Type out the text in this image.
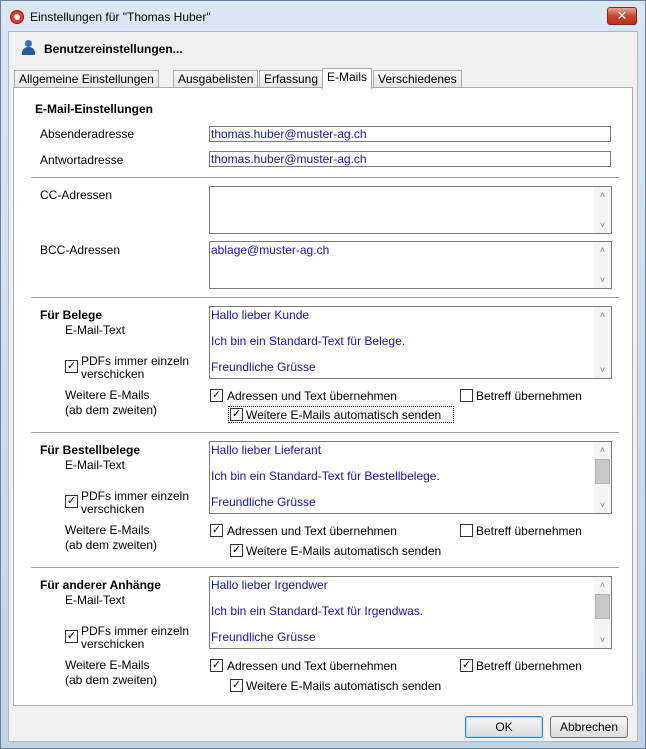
Einstellungen für "Thomas Huber"	✕
Benutzereinstellungen...
Allgemeine Einstellungen	Ausgabelisten Erfassung E-Mails Verschiedenes
E-Mail-Einstellungen
Absenderadresse	thomas.huber@muster-ag.ch
Antwortadresse	thomas.huber@muster-ag.ch
CC-Adressen	˄
˅
BCC-Adressen	ablage@muster-ag.ch	˄
˅
Für Belege
E-Mail-Text
Hallo lieber Kunde
Ich bin ein Standard-Text für Belege.
Freundliche Grüsse
˄
˅
✓
PDFs immer einzeln
verschicken
Weitere E-Mails
(ab dem zweiten)
✓
Adressen und Text übernehmen	Betreff übernehmen
✓
Weitere E-Mails automatisch senden
Für Bestellbelege
E-Mail-Text
Hallo lieber Lieferant
Ich bin ein Standard-Text für Bestellbelege.
Freundliche Grüsse
˄
˅
✓
PDFs immer einzeln
verschicken
Weitere E-Mails
(ab dem zweiten)
✓
Adressen und Text übernehmen	Betreff übernehmen
✓
Weitere E-Mails automatisch senden
Für anderer Anhänge
E-Mail-Text
Hallo lieber Irgendwer
Ich bin ein Standard-Text für Irgendwas.
Freundliche Grüsse
˄
˅
✓
PDFs immer einzeln
verschicken
Weitere E-Mails
(ab dem zweiten)
✓
Adressen und Text übernehmen
✓	Betreff übernehmen
✓
Weitere E-Mails automatisch senden
OK	Abbrechen
